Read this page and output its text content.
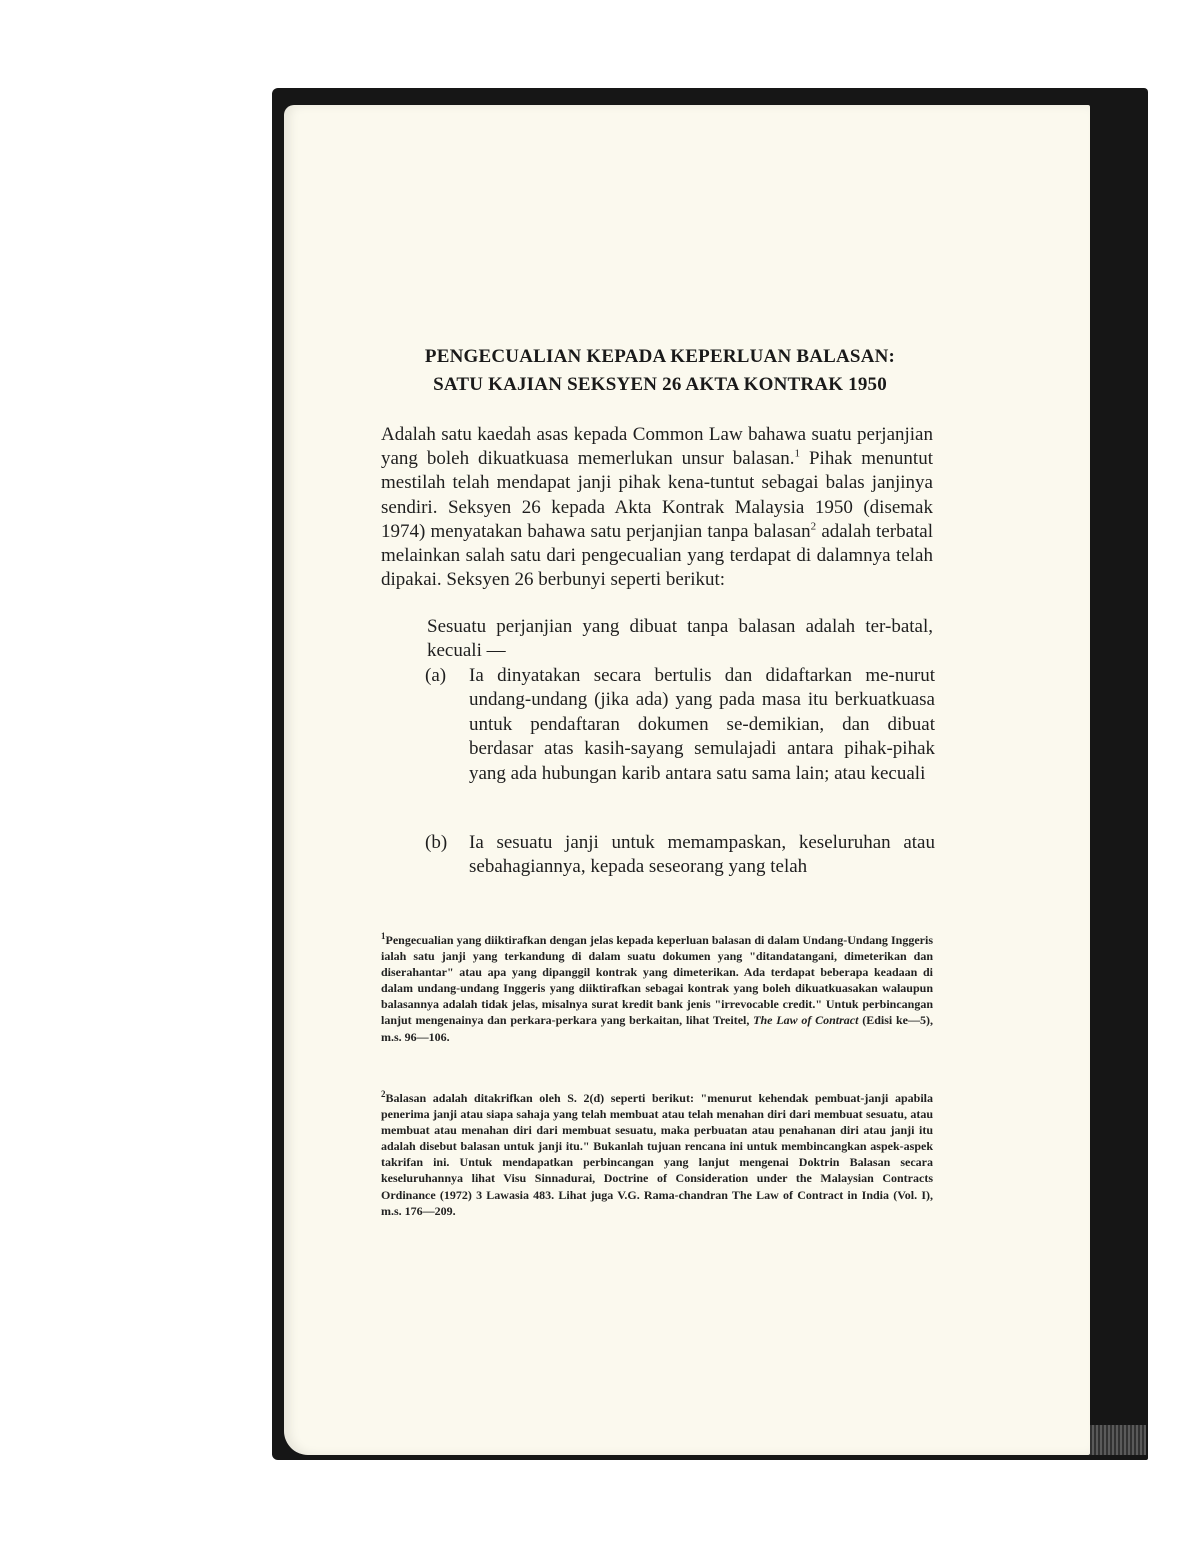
PENGECUALIAN KEPADA KEPERLUAN BALASAN:
SATU KAJIAN SEKSYEN 26 AKTA KONTRAK 1950

Adalah satu kaedah asas kepada Common Law bahawa suatu perjanjian yang boleh dikuatkuasa memerlukan unsur balasan.$^1$ Pihak menuntut mestilah telah mendapat janji pihak kena-tuntut sebagai balas janjinya sendiri. Seksyen 26 kepada Akta Kontrak Malaysia 1950 (disemak 1974) menyatakan bahawa satu perjanjian tanpa balasan$^2$ adalah terbatal melainkan salah satu dari pengecualian yang terdapat di dalamnya telah dipakai. Seksyen 26 berbunyi seperti berikut:

Sesuatu perjanjian yang dibuat tanpa balasan adalah ter-batal, kecuali —

(a) Ia dinyatakan secara bertulis dan didaftarkan me-nurut undang-undang (jika ada) yang pada masa itu berkuatkuasa untuk pendaftaran dokumen se-demikian, dan dibuat berdasar atas kasih-sayang semulajadi antara pihak-pihak yang ada hubungan karib antara satu sama lain; atau kecuali
(b) Ia sesuatu janji untuk memampaskan, keseluruhan atau sebahagiannya, kepada seseorang yang telah
$^1$Pengecualian yang diiktirafkan dengan jelas kepada keperluan balasan di dalam Undang-Undang Inggeris ialah satu janji yang terkandung di dalam suatu dokumen yang "ditandatangani, dimeterikan dan diserahantar" atau apa yang dipanggil kontrak yang dimeterikan. Ada terdapat beberapa keadaan di dalam undang-undang Inggeris yang diiktirafkan sebagai kontrak yang boleh dikuatkuasakan walaupun balasannya adalah tidak jelas, misalnya surat kredit bank jenis "irrevocable credit." Untuk perbincangan lanjut mengenainya dan perkara-perkara yang berkaitan, lihat Treitel, The Law of Contract (Edisi ke—5), m.s. 96—106.
$^2$Balasan adalah ditakrifkan oleh S. 2(d) seperti berikut: "menurut kehendak pembuat-janji apabila penerima janji atau siapa sahaja yang telah membuat atau telah menahan diri dari membuat sesuatu, atau membuat atau menahan diri dari membuat sesuatu, maka perbuatan atau penahanan diri atau janji itu adalah disebut balasan untuk janji itu." Bukanlah tujuan rencana ini untuk membincangkan aspek-aspek takrifan ini. Untuk mendapatkan perbincangan yang lanjut mengenai Doktrin Balasan secara keseluruhannya lihat Visu Sinnadurai, Doctrine of Consideration under the Malaysian Contracts Ordinance (1972) 3 Lawasia 483. Lihat juga V.G. Rama-chandran The Law of Contract in India (Vol. I), m.s. 176—209.
